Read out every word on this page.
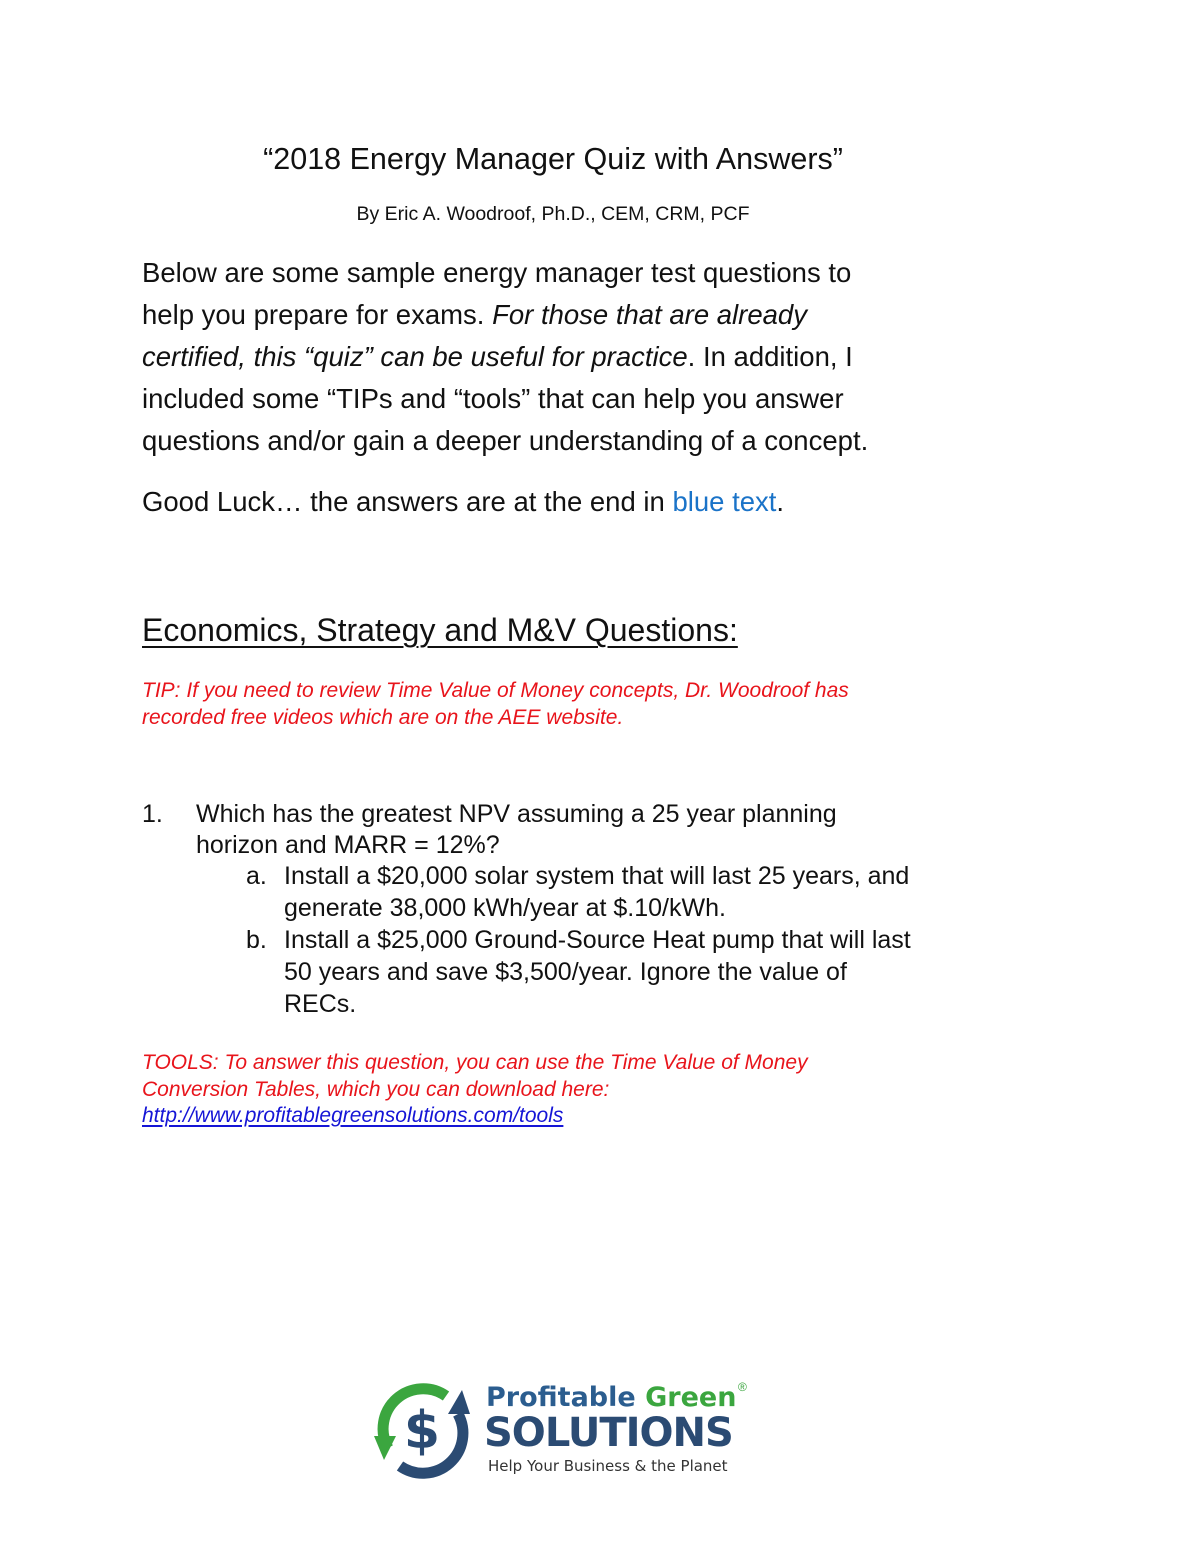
“2018 Energy Manager Quiz with Answers”
By Eric A. Woodroof, Ph.D., CEM, CRM, PCF
Below are some sample energy manager test questions to
help you prepare for exams. For those that are already
certified, this “quiz” can be useful for practice. In addition, I
included some “TIPs and “tools” that can help you answer
questions and/or gain a deeper understanding of a concept.
Good Luck… the answers are at the end in blue text.
Economics, Strategy and M&V Questions:
TIP: If you need to review Time Value of Money concepts, Dr. Woodroof has
recorded free videos which are on the AEE website.
1. Which has the greatest NPV assuming a 25 year planning
horizon and MARR = 12%?
a. Install a $20,000 solar system that will last 25 years, and
generate 38,000 kWh/year at $.10/kWh.
b. Install a $25,000 Ground-Source Heat pump that will last
50 years and save $3,500/year. Ignore the value of
RECs.
TOOLS: To answer this question, you can use the Time Value of Money
Conversion Tables, which you can download here:
http://www.profitablegreensolutions.com/tools
$
Profitable Green ®
SOLUTIONS
Help Your Business & the Planet
